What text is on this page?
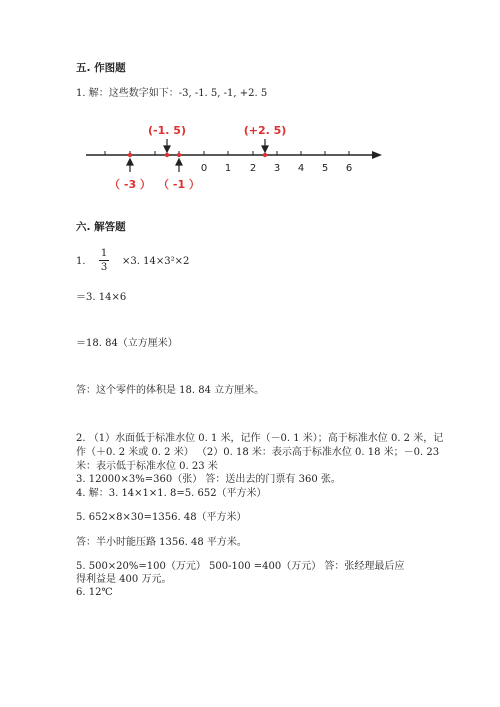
五. 作图题
1. 解：这些数字如下：-3, -1. 5, -1, +2. 5
0 1 2 3 4 5 6
(-1. 5)	(+2. 5)
（ -3 ） （ -1 ）
六. 解答题
1.
1
3
×3. 14×3²×2
＝3. 14×6
＝18. 84（立方厘米）
答：这个零件的体积是 18. 84 立方厘米。
2. （1）水面低于标准水位 0. 1 米，记作（－0. 1 米）；高于标准水位 0. 2 米，记
作（＋0. 2 米或 0. 2 米） （2）0. 18 米：表示高于标准水位 0. 18 米；－0. 23
米：表示低于标准水位 0. 23 米
3. 12000×3%=360（张） 答：送出去的门票有 360 张。
4. 解：3. 14×1×1. 8=5. 652（平方米）
5. 652×8×30=1356. 48（平方米）
答：半小时能压路 1356. 48 平方米。
5. 500×20%=100（万元） 500-100 =400（万元） 答：张经理最后应
得利益是 400 万元。
6. 12℃
